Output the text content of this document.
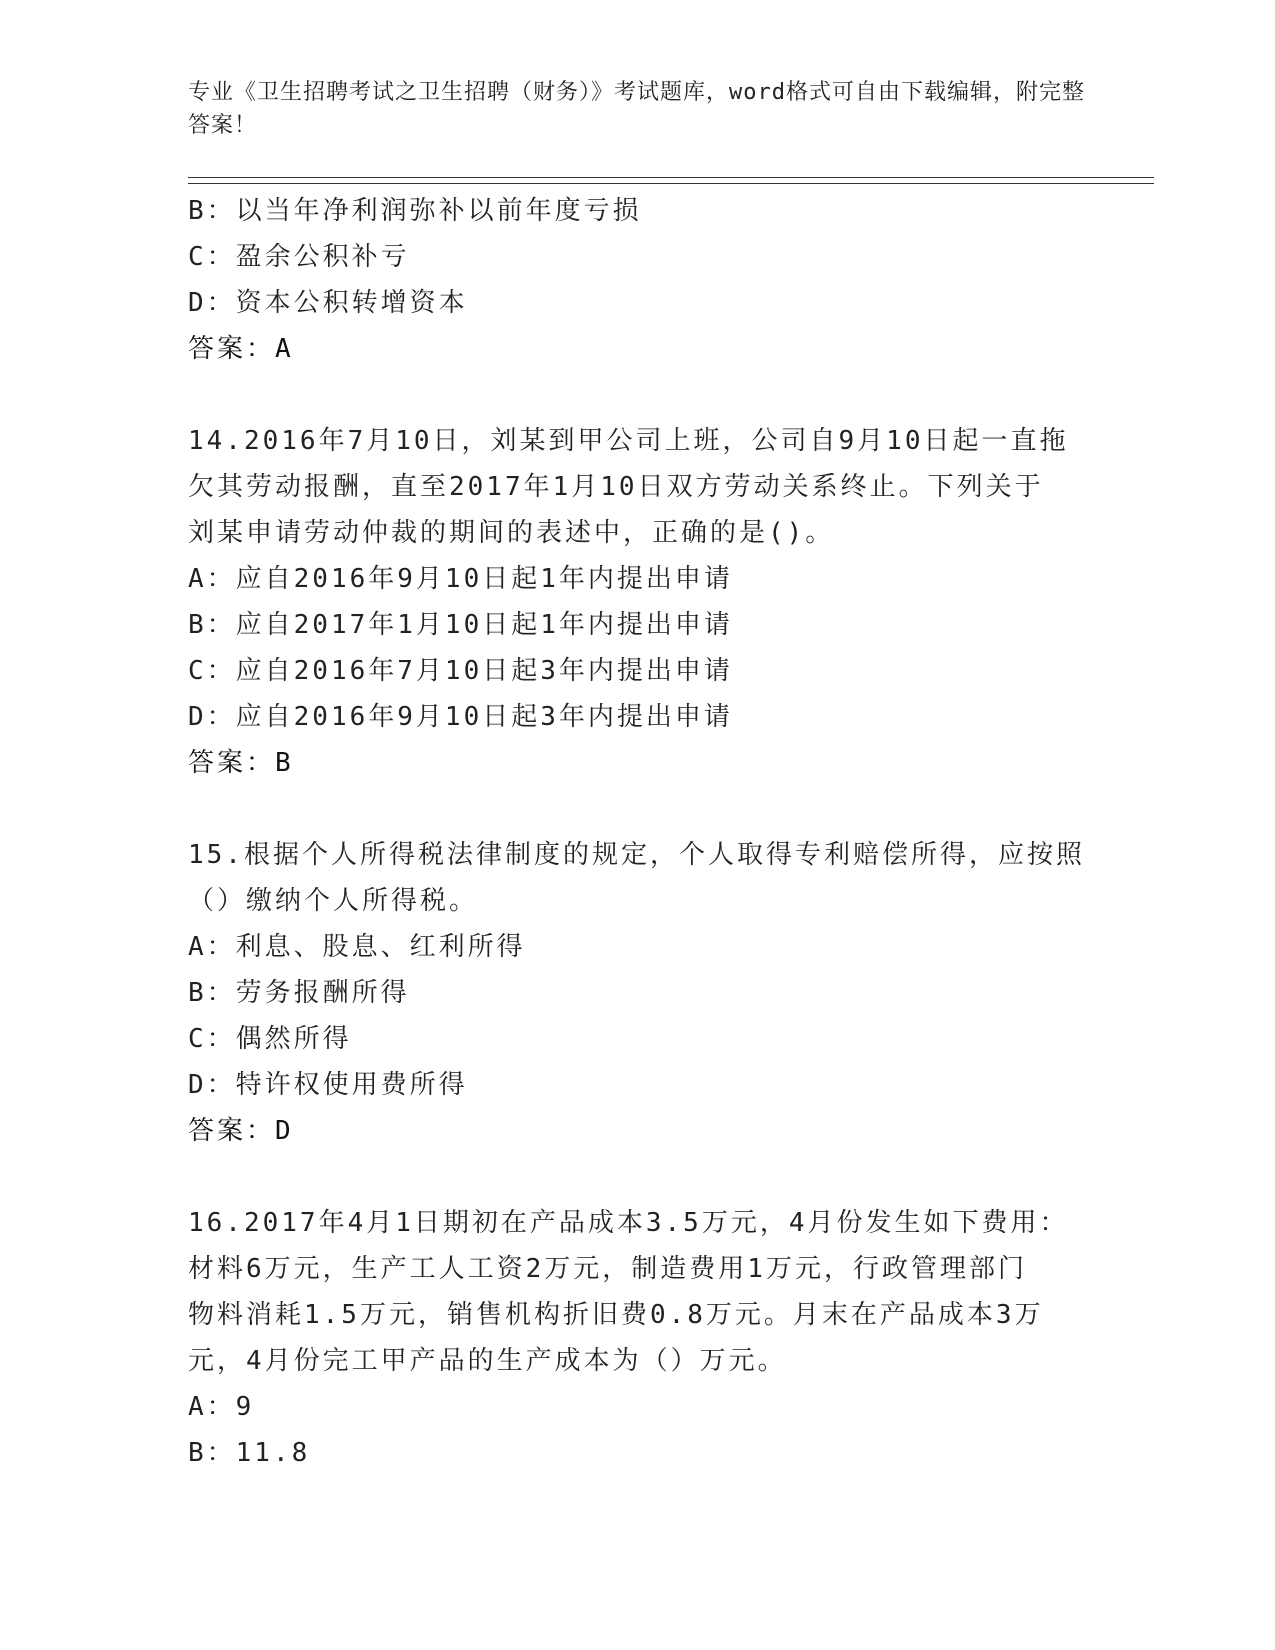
专业《卫生招聘考试之卫生招聘（财务）》考试题库，word格式可自由下载编辑，附完整答案！
B：以当年净利润弥补以前年度亏损
C：盈余公积补亏
D：资本公积转增资本
答案：A
14.2016年7月10日，刘某到甲公司上班，公司自9月10日起一直拖
欠其劳动报酬，直至2017年1月10日双方劳动关系终止。下列关于
刘某申请劳动仲裁的期间的表述中，正确的是()。
A：应自2016年9月10日起1年内提出申请
B：应自2017年1月10日起1年内提出申请
C：应自2016年7月10日起3年内提出申请
D：应自2016年9月10日起3年内提出申请
答案：B
15.根据个人所得税法律制度的规定，个人取得专利赔偿所得，应按照
（）缴纳个人所得税。
A：利息、股息、红利所得
B：劳务报酬所得
C：偶然所得
D：特许权使用费所得
答案：D
16.2017年4月1日期初在产品成本3.5万元，4月份发生如下费用：
材料6万元，生产工人工资2万元，制造费用1万元，行政管理部门
物料消耗1.5万元，销售机构折旧费0.8万元。月末在产品成本3万
元，4月份完工甲产品的生产成本为（）万元。
A：9
B：11.8
